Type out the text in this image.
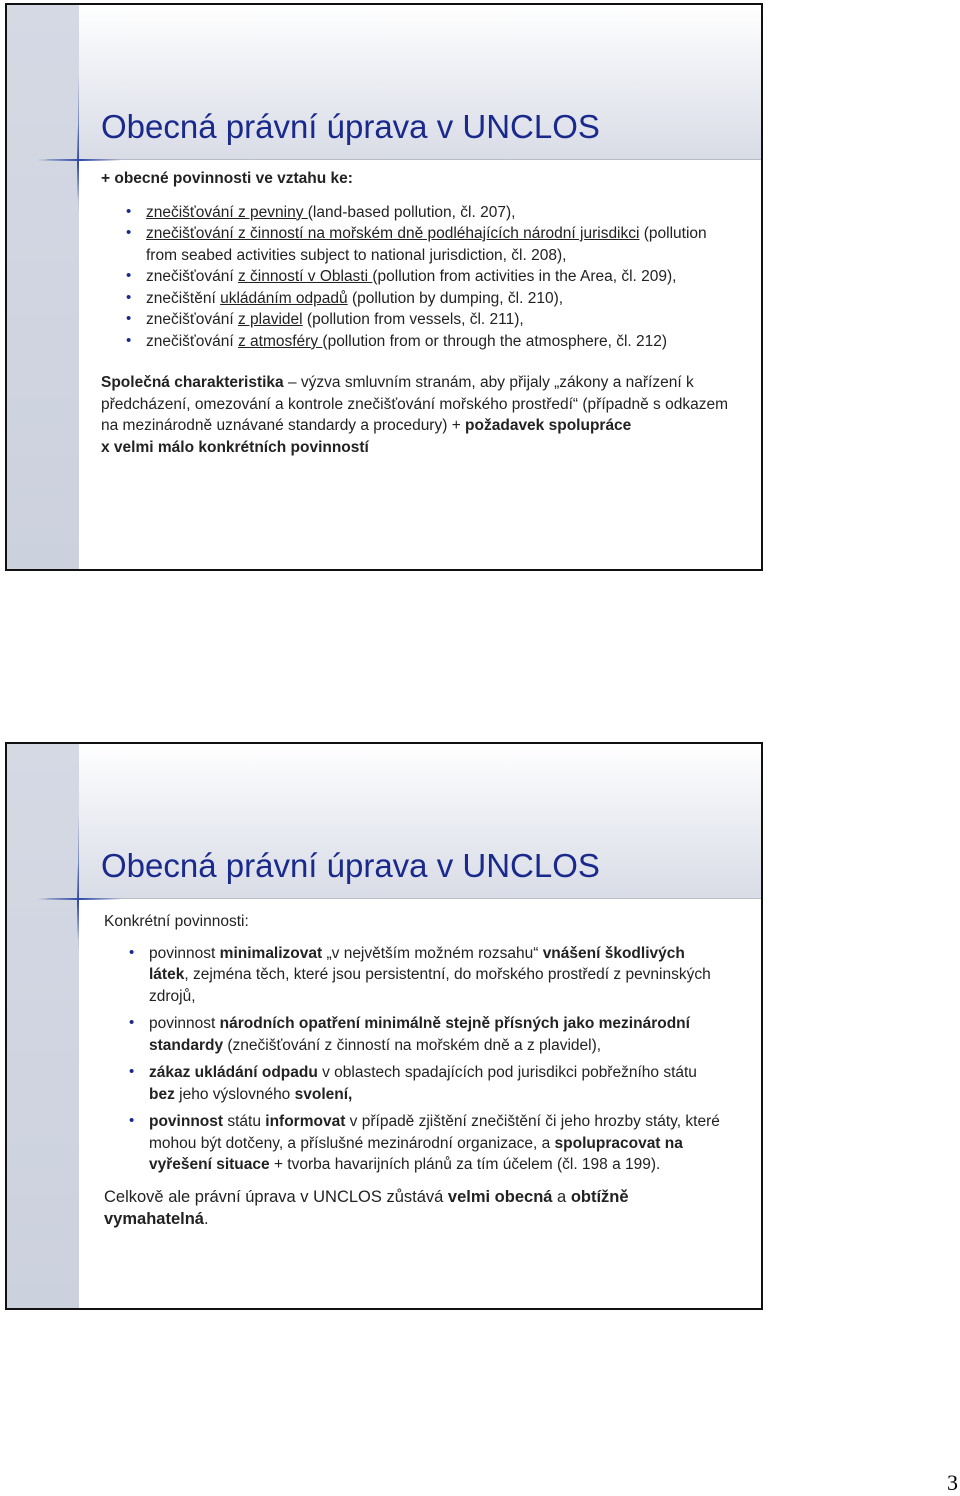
Obecná právní úprava v UNCLOS
+ obecné povinnosti ve vztahu ke:
• znečišťování z pevniny (land-based pollution, čl. 207),
• znečišťování z činností na mořském dně podléhajících národní jurisdikci (pollution from seabed activities subject to national jurisdiction, čl. 208),
• znečišťování z činností v Oblasti (pollution from activities in the Area, čl. 209),
• znečištění ukládáním odpadů (pollution by dumping, čl. 210),
• znečišťování z plavidel (pollution from vessels, čl. 211),
• znečišťování z atmosféry (pollution from or through the atmosphere, čl. 212)
Společná charakteristika – výzva smluvním stranám, aby přijaly „zákony a nařízení k předcházení, omezování a kontrole znečišťování mořského prostředí“ (případně s odkazem na mezinárodně uznávané standardy a procedury) + požadavek spolupráce
x velmi málo konkrétních povinností
Obecná právní úprava v UNCLOS
Konkrétní povinnosti:
• povinnost minimalizovat „v největším možném rozsahu“ vnášení škodlivých látek, zejména těch, které jsou persistentní, do mořského prostředí z pevninských zdrojů,
• povinnost národních opatření minimálně stejně přísných jako mezinárodní standardy (znečišťování z činností na mořském dně a z plavidel),
• zákaz ukládání odpadu v oblastech spadajících pod jurisdikci pobřežního státu bez jeho výslovného svolení,
• povinnost státu informovat v případě zjištění znečištění či jeho hrozby státy, které mohou být dotčeny, a příslušné mezinárodní organizace, a spolupracovat na vyřešení situace + tvorba havarijních plánů za tím účelem (čl. 198 a 199).
Celkově ale právní úprava v UNCLOS zůstává velmi obecná a obtížně vymahatelná.
3
